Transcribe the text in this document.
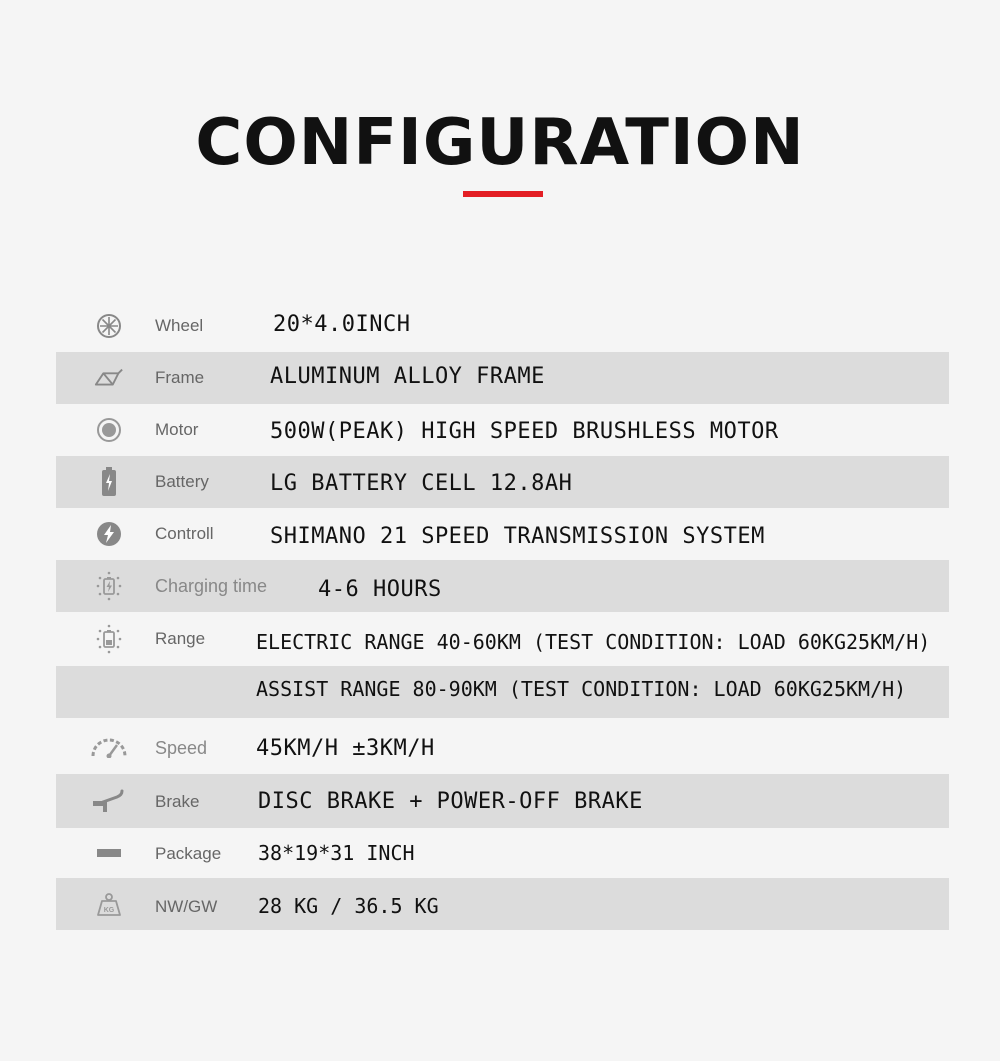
CONFIGURATION
Wheel	20*4.0INCH
Frame	ALUMINUM ALLOY FRAME
Motor	500W(PEAK) HIGH SPEED BRUSHLESS MOTOR
Battery	LG BATTERY CELL 12.8AH
Controll	SHIMANO 21 SPEED TRANSMISSION SYSTEM
Charging time 4-6 HOURS
Range	ELECTRIC RANGE 40-60KM (TEST CONDITION: LOAD 60KG25KM/H)
ASSIST RANGE 80-90KM (TEST CONDITION: LOAD 60KG25KM/H)
Speed 45KM/H ±3KM/H
Brake	DISC BRAKE + POWER-OFF BRAKE
Package 38*19*31 INCH
KG NW/GW 28 KG / 36.5 KG
